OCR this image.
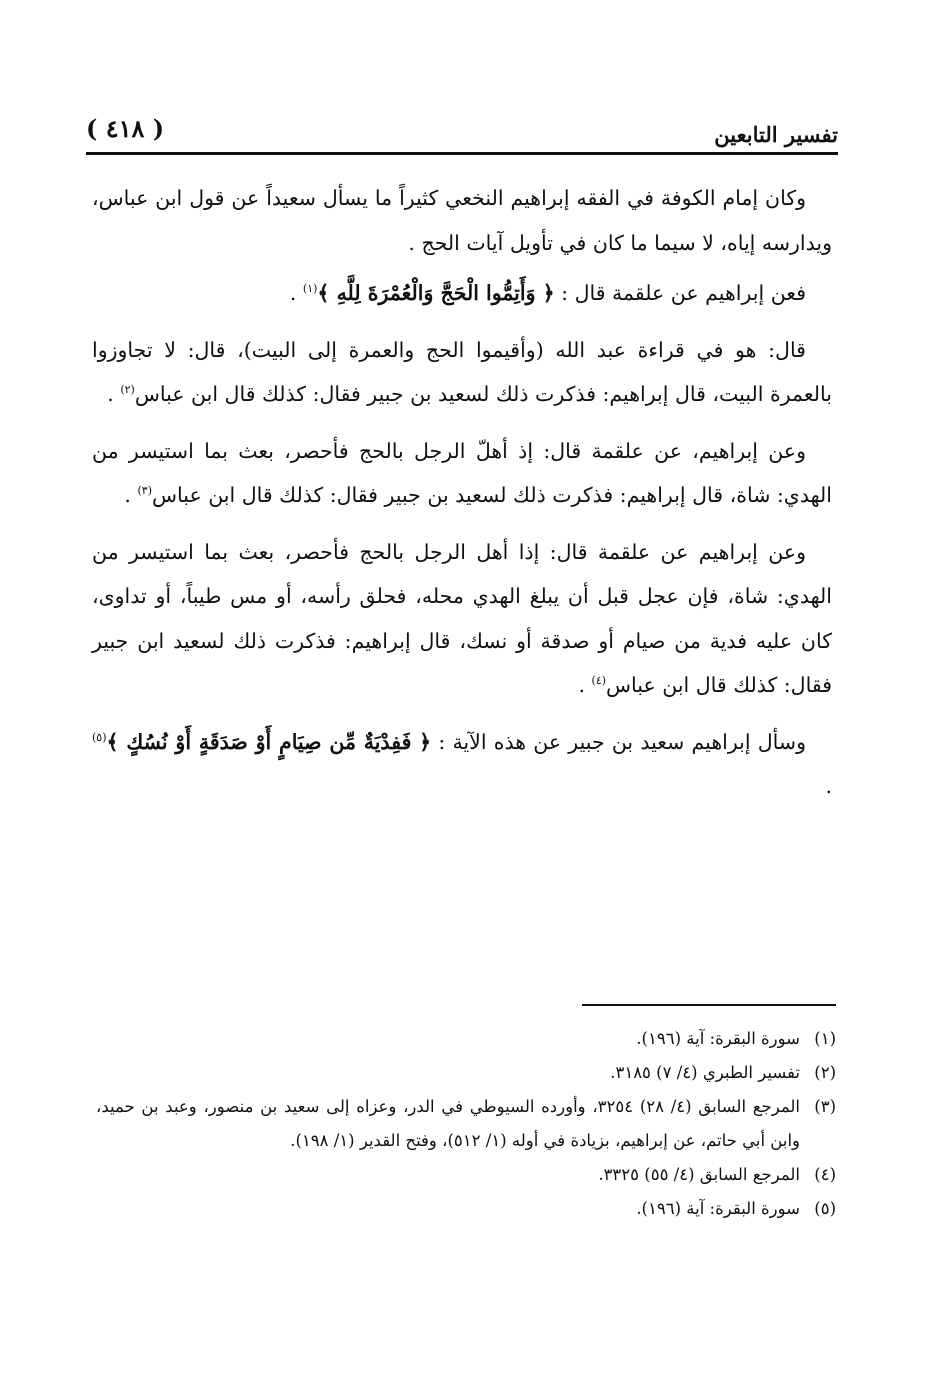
تفسير التابعين
( ٤١٨ )

وكان إمام الكوفة في الفقه إبراهيم النخعي كثيراً ما يسأل سعيداً عن قول ابن عباس، ويدارسه إياه، لا سيما ما كان في تأويل آيات الحج .

فعن إبراهيم عن علقمة قال : ﴿ وَأَتِمُّوا الْحَجَّ وَالْعُمْرَةَ لِلَّهِ ﴾$^{(١)}$ .

قال: هو في قراءة عبد الله (وأقيموا الحج والعمرة إلى البيت)، قال: لا تجاوزوا بالعمرة البيت، قال إبراهيم: فذكرت ذلك لسعيد بن جبير فقال: كذلك قال ابن عباس$^{(٢)}$ .

وعن إبراهيم، عن علقمة قال: إذ أهلّ الرجل بالحج فأحصر، بعث بما استيسر من الهدي: شاة، قال إبراهيم: فذكرت ذلك لسعيد بن جبير فقال: كذلك قال ابن عباس$^{(٣)}$ .

وعن إبراهيم عن علقمة قال: إذا أهل الرجل بالحج فأحصر، بعث بما استيسر من الهدي: شاة، فإن عجل قبل أن يبلغ الهدي محله، فحلق رأسه، أو مس طيباً، أو تداوى، كان عليه فدية من صيام أو صدقة أو نسك، قال إبراهيم: فذكرت ذلك لسعيد ابن جبير فقال: كذلك قال ابن عباس$^{(٤)}$ .

وسأل إبراهيم سعيد بن جبير عن هذه الآية : ﴿ فَفِدْيَةٌ مِّن صِيَامٍ أَوْ صَدَقَةٍ أَوْ نُسُكٍ ﴾$^{(٥)}$ .

(١)
سورة البقرة: آية (١٩٦).
(٢)
تفسير الطبري (٤/ ٧) ٣١٨٥.
(٣)
المرجع السابق (٤/ ٢٨) ٣٢٥٤، وأورده السيوطي في الدر، وعزاه إلى سعيد بن منصور، وعبد بن حميد، وابن أبي حاتم، عن إبراهيم، بزيادة في أوله (١/ ٥١٢)، وفتح القدير (١/ ١٩٨).
(٤)
المرجع السابق (٤/ ٥٥) ٣٣٢٥.
(٥)
سورة البقرة: آية (١٩٦).
